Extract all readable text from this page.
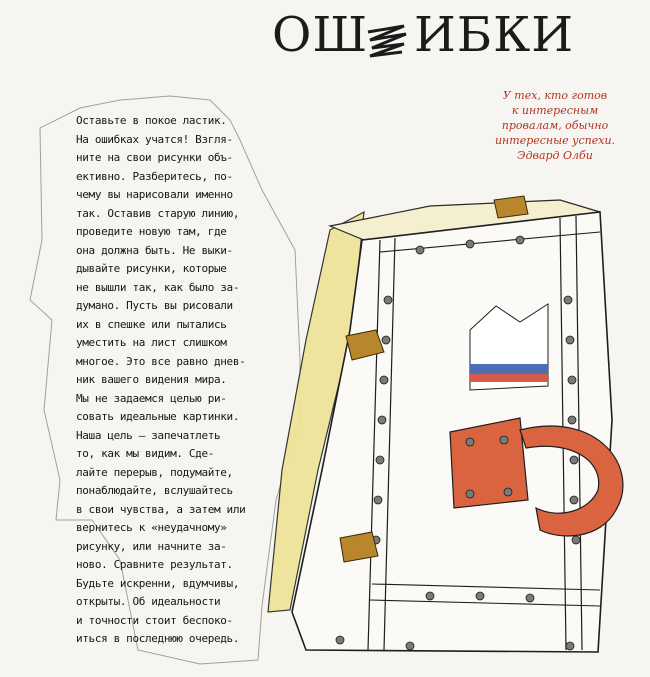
ОШ ИБКИ
У тех, кто готов
к интересным
провалам, обычно
интересные успехи.
Эдвард Олби
Оставьте в покое ластик.
На ошибках учатся! Взгля-
ните на свои рисунки объ-
ективно. Разберитесь, по-
чему вы нарисовали именно
так. Оставив старую линию,
проведите новую там, где
она должна быть. Не выки-
дывайте рисунки, которые
не вышли так, как было за-
думано. Пусть вы рисовали
их в спешке или пытались
уместить на лист слишком
многое. Это все равно днев-
ник вашего видения мира.
Мы не задаемся целью ри-
совать идеальные картинки.
Наша цель — запечатлеть
то, как мы видим. Сде-
лайте перерыв, подумайте,
понаблюдайте, вслушайтесь
в свои чувства, а затем или
вернитесь к «неудачному»
рисунку, или начните за-
ново. Сравните результат.
Будьте искренни, вдумчивы,
открыты. Об идеальности
и точности стоит беспоко-
иться в последнюю очередь.
